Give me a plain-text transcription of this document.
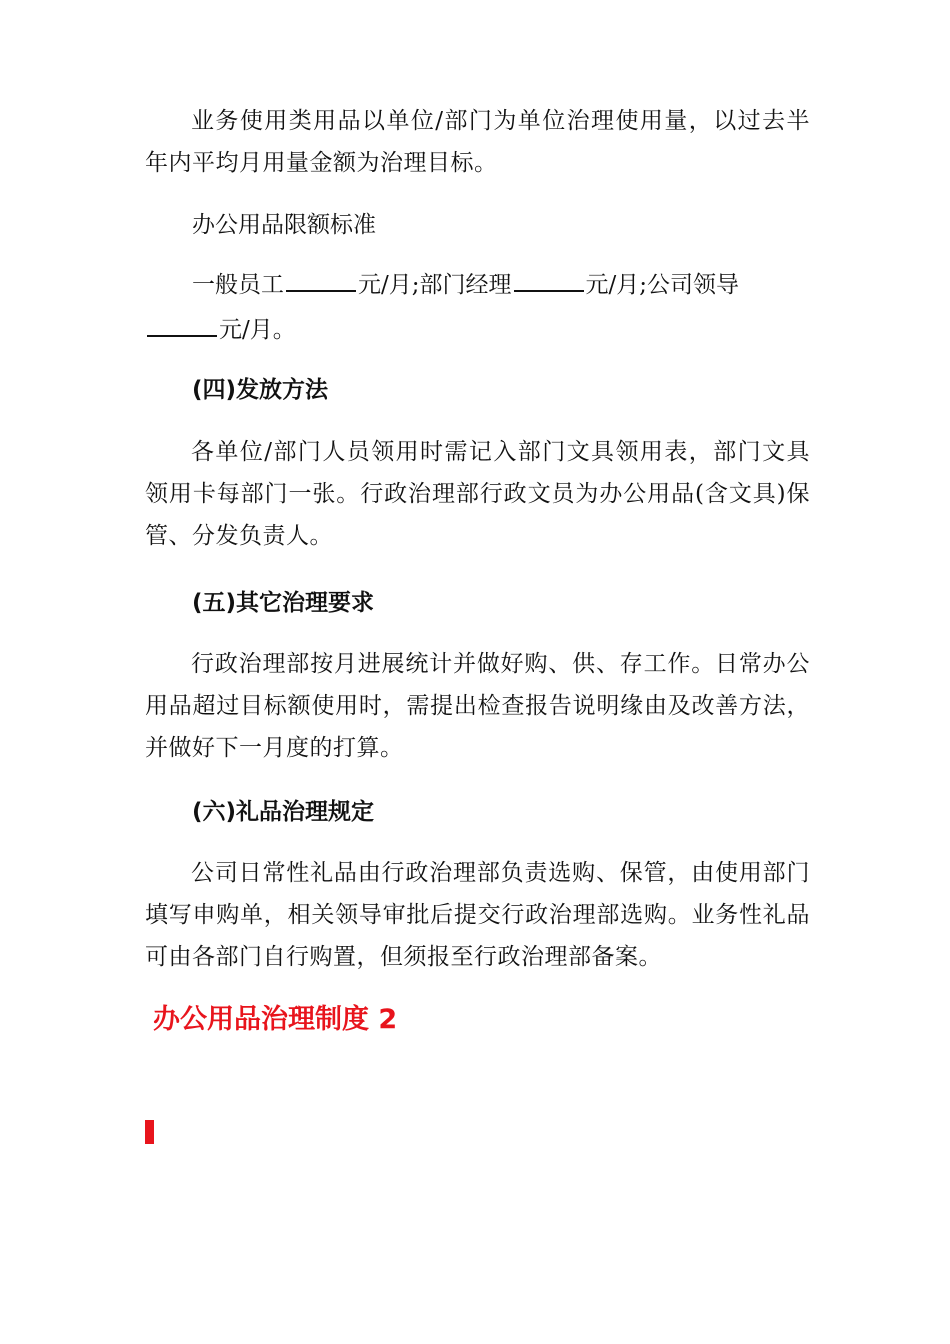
业务使用类用品以单位/部门为单位治理使用量，以过去半年内平均月用量金额为治理目标。

办公用品限额标准

一般员工	元/月;部门经理	元/月;公司领导

元/月。

(四)发放方法

各单位/部门人员领用时需记入部门文具领用表，部门文具领用卡每部门一张。行政治理部行政文员为办公用品(含文具)保管、分发负责人。

(五)其它治理要求

行政治理部按月进展统计并做好购、供、存工作。日常办公用品超过目标额使用时，需提出检查报告说明缘由及改善方法，并做好下一月度的打算。

(六)礼品治理规定

公司日常性礼品由行政治理部负责选购、保管，由使用部门填写申购单，相关领导审批后提交行政治理部选购。业务性礼品可由各部门自行购置，但须报至行政治理部备案。

办公用品治理制度 2
